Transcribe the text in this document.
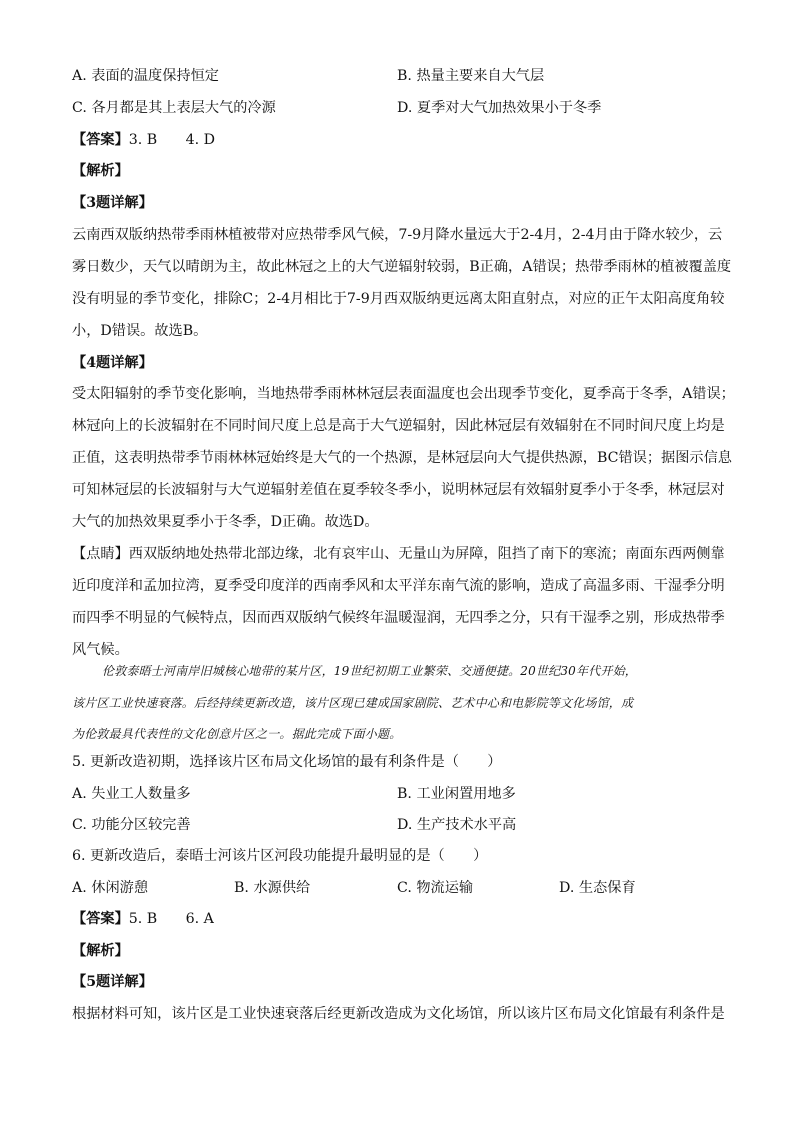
A. 表面的温度保持恒定	B. 热量主要来自大气层
C. 各月都是其上表层大气的冷源	D. 夏季对大气加热效果小于冬季
【答案】3. B　　4. D
【解析】
【3题详解】
云南西双版纳热带季雨林植被带对应热带季风气候，7-9月降水量远大于2-4月，2-4月由于降水较少，云
雾日数少，天气以晴朗为主，故此林冠之上的大气逆辐射较弱，B正确，A错误；热带季雨林的植被覆盖度
没有明显的季节变化，排除C；2-4月相比于7-9月西双版纳更远离太阳直射点，对应的正午太阳高度角较
小，D错误。故选B。
【4题详解】
受太阳辐射的季节变化影响，当地热带季雨林林冠层表面温度也会出现季节变化，夏季高于冬季，A错误；
林冠向上的长波辐射在不同时间尺度上总是高于大气逆辐射，因此林冠层有效辐射在不同时间尺度上均是
正值，这表明热带季节雨林林冠始终是大气的一个热源，是林冠层向大气提供热源，BC错误；据图示信息
可知林冠层的长波辐射与大气逆辐射差值在夏季较冬季小，说明林冠层有效辐射夏季小于冬季，林冠层对
大气的加热效果夏季小于冬季，D正确。故选D。
【点睛】西双版纳地处热带北部边缘，北有哀牢山、无量山为屏障，阻挡了南下的寒流；南面东西两侧靠
近印度洋和孟加拉湾，夏季受印度洋的西南季风和太平洋东南气流的影响，造成了高温多雨、干湿季分明
而四季不明显的气候特点，因而西双版纳气候终年温暖湿润，无四季之分，只有干湿季之别，形成热带季
风气候。
伦敦泰晤士河南岸旧城核心地带的某片区，19世纪初期工业繁荣、交通便捷。20世纪30年代开始，
该片区工业快速衰落。后经持续更新改造，该片区现已建成国家剧院、艺术中心和电影院等文化场馆，成
为伦敦最具代表性的文化创意片区之一。据此完成下面小题。
5. 更新改造初期，选择该片区布局文化场馆的最有利条件是（　　）
A. 失业工人数量多	B. 工业闲置用地多
C. 功能分区较完善	D. 生产技术水平高
6. 更新改造后，泰晤士河该片区河段功能提升最明显的是（　　）
A. 休闲游憩	B. 水源供给	C. 物流运输	D. 生态保育
【答案】5. B　　6. A
【解析】
【5题详解】
根据材料可知，该片区是工业快速衰落后经更新改造成为文化场馆，所以该片区布局文化馆最有利条件是
